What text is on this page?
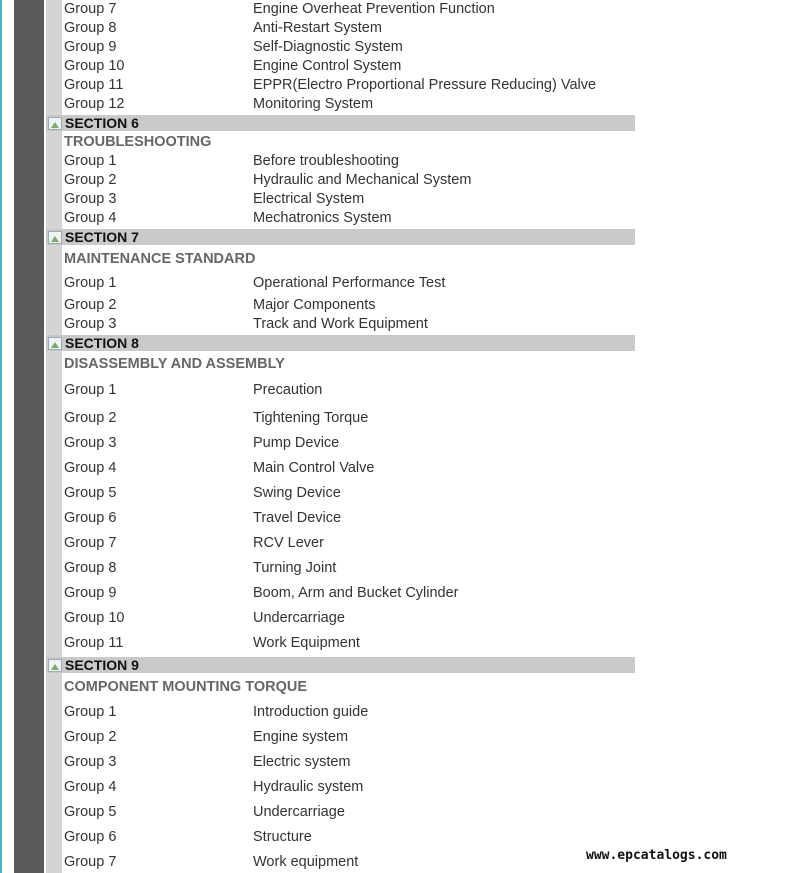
Group 7	Engine Overheat Prevention Function
Group 8	Anti-Restart System
Group 9	Self-Diagnostic System
Group 10	Engine Control System
Group 11	EPPR(Electro Proportional Pressure Reducing) Valve
Group 12	Monitoring System
SECTION 6
TROUBLESHOOTING
Group 1	Before troubleshooting
Group 2	Hydraulic and Mechanical System
Group 3	Electrical System
Group 4	Mechatronics System
SECTION 7
MAINTENANCE STANDARD
Group 1	Operational Performance Test
Group 2	Major Components
Group 3	Track and Work Equipment
SECTION 8
DISASSEMBLY AND ASSEMBLY
Group 1	Precaution
Group 2	Tightening Torque
Group 3	Pump Device
Group 4	Main Control Valve
Group 5	Swing Device
Group 6	Travel Device
Group 7	RCV Lever
Group 8	Turning Joint
Group 9	Boom, Arm and Bucket Cylinder
Group 10	Undercarriage
Group 11	Work Equipment
SECTION 9
COMPONENT MOUNTING TORQUE
Group 1	Introduction guide
Group 2	Engine system
Group 3	Electric system
Group 4	Hydraulic system
Group 5	Undercarriage
Group 6	Structure
Group 7	Work equipment	www.epcatalogs.com
